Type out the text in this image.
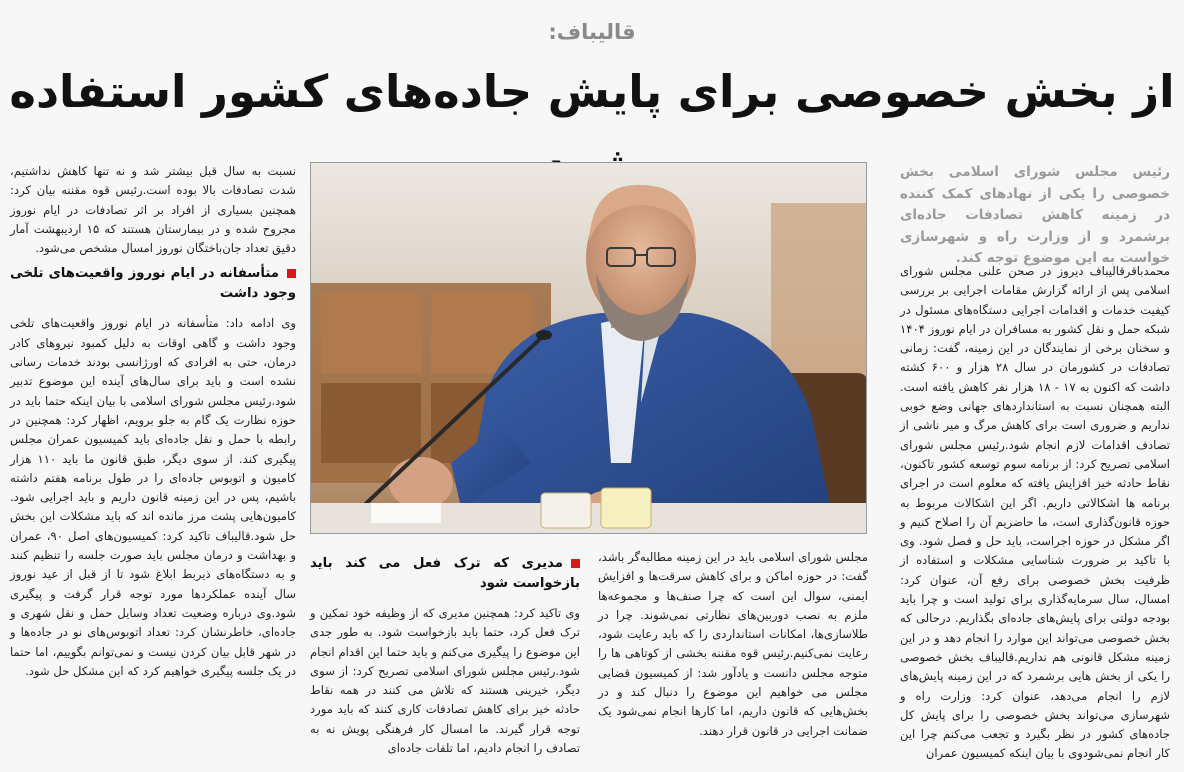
قالیباف:
از بخش خصوصی برای پایش جاده‌های کشور استفاده
رئیس مجلس شورای اسلامی بخش خصوصی را یکی از نهادهای کمک کننده در زمینه کاهش تصادفات جاده‌ای برشمرد و از وزارت راه و شهرسازی خواست به این موضوع توجه کند.

محمدباقرقالیباف دیروز در صحن علنی مجلس شورای اسلامی پس از ارائه گزارش مقامات اجرایی بر بررسی کیفیت خدمات و اقدامات اجرایی دستگاه‌های مسئول در شبکه حمل و نقل کشور به مسافران در ایام نوروز ۱۴۰۴ و سخنان برخی از نمایندگان در این زمینه، گفت: زمانی تصادفات در کشورمان در سال ۲۸ هزار و ۶۰۰ کشته داشت که اکنون به ۱۷ - ۱۸ هزار نفر کاهش یافته است. البته همچنان نسبت به استانداردهای جهانی وضع خوبی نداریم و ضروری است برای کاهش مرگ و میر ناشی از تصادف اقدامات لازم انجام شود.رئیس مجلس شورای اسلامی تصریح کرد: از برنامه سوم توسعه کشور تاکنون، نقاط حادثه خیز افزایش یافته که معلوم است در اجرای برنامه ها اشکالاتی داریم. اگر این اشکالات مربوط به حوزه قانون‌گذاری است، ما حاضریم آن را اصلاح کنیم و اگر مشکل در حوزه اجراست، باید حل و فصل شود. وی با تاکید بر ضرورت شناسایی مشکلات و استفاده از ظرفیت بخش خصوصی برای رفع آن، عنوان کرد: امسال، سال سرمایه‌گذاری برای تولید است و چرا باید بودجه دولتی برای پایش‌های جاده‌ای بگذاریم. درحالی که بخش خصوصی می‌تواند این موارد را انجام دهد و در این زمینه مشکل قانونی هم نداریم.قالیباف بخش خصوصی را یکی از بخش هایی برشمرد که در این زمینه پایش‌های لازم را انجام می‌دهد، عنوان کرد: وزارت راه و شهرسازی می‌تواند بخش خصوصی را برای پایش کل جاده‌های کشور در نظر بگیرد و تجعب می‌کنم چرا این کار انجام نمی‌شودوی با بیان اینکه کمیسیون عمران

مجلس شورای اسلامی باید در این زمینه مطالبه‌گر باشد، گفت: در حوزه اماکن و برای کاهش سرقت‌ها و افزایش ایمنی، سوال این است که چرا صنف‌ها و مجموعه‌ها ملزم به نصب دوربین‌های نظارتی نمی‌شوند. چرا در طلاسازی‌ها، امکانات استانداردی را که باید رعایت شود، رعایت نمی‌کنیم.رئیس قوه مقننه بخشی از کوتاهی ها را متوجه مجلس دانست و یادآور شد: از کمیسیون قضایی مجلس می خواهیم این موضوع را دنبال کند و در بخش‌هایی که قانون داریم، اما کارها انجام نمی‌شود یک ضمانت اجرایی در قانون قرار دهند.

مدیری که ترک فعل می کند باید بازخواست شود

وی تاکید کرد: همچنین مدیری که از وظیفه خود تمکین و ترک فعل کرد، حتما باید بازخواست شود. به طور جدی این موضوع را پیگیری می‌کنم و باید حتما این اقدام انجام شود.رئیس مجلس شورای اسلامی تصریح کرد: از سوی دیگر، خیرینی هستند که تلاش می کنند در همه نقاط حادثه خیز برای کاهش تصادفات کاری کنند که باید مورد توجه قرار گیرند. ما امسال کار فرهنگی پویش نه به تصادف را انجام دادیم، اما تلفات جاده‌ای

نسبت به سال قبل بیشتر شد و نه تنها کاهش نداشتیم، شدت تصادفات بالا بوده است.رئیس قوه مقننه بیان کرد: همچنین بسیاری از افراد بر اثر تصادفات در ایام نوروز مجروح شده و در بیمارستان هستند که ۱۵ اردیبهشت آمار دقیق تعداد جان‌باختگان نوروز امسال مشخص می‌شود.

متأسفانه در ایام نوروز واقعیت‌های تلخی وجود داشت

وی ادامه داد: متأسفانه در ایام نوروز واقعیت‌های تلخی وجود داشت و گاهی اوقات به دلیل کمبود نیروهای کادر درمان، حتی به افرادی که اورژانسی بودند خدمات رسانی نشده است و باید برای سال‌های آینده این موضوع تدبیر شود.رئیس مجلس شورای اسلامی با بیان اینکه حتما باید در حوزه نظارت یک گام به جلو برویم، اظهار کرد: همچنین در رابطه با حمل و نقل جاده‌ای باید کمیسیون عمران مجلس پیگیری کند. از سوی دیگر، طبق قانون ما باید ۱۱۰ هزار کامیون و اتوبوس جاده‌ای را در طول برنامه هفتم داشته باشیم، پس در این زمینه قانون داریم و باید اجرایی شود. کامیون‌هایی پشت مرز مانده اند که باید مشکلات این بخش حل شود.قالیباف تاکید کرد: کمیسیون‌های اصل ۹۰، عمران و بهداشت و درمان مجلس باید صورت جلسه را تنظیم کنند و به دستگاه‌های ذیربط ابلاغ شود تا از قبل از عید نوروز سال آینده عملکردها مورد توجه قرار گرفت و پیگیری شود.وی درباره وضعیت تعداد وسایل حمل و نقل شهری و جاده‌ای، خاطرنشان کرد: تعداد اتوبوس‌های نو در جاده‌ها و در شهر قابل بیان کردن نیست و نمی‌توانم بگوییم، اما حتما در یک جلسه پیگیری خواهیم کرد که این مشکل حل شود.
